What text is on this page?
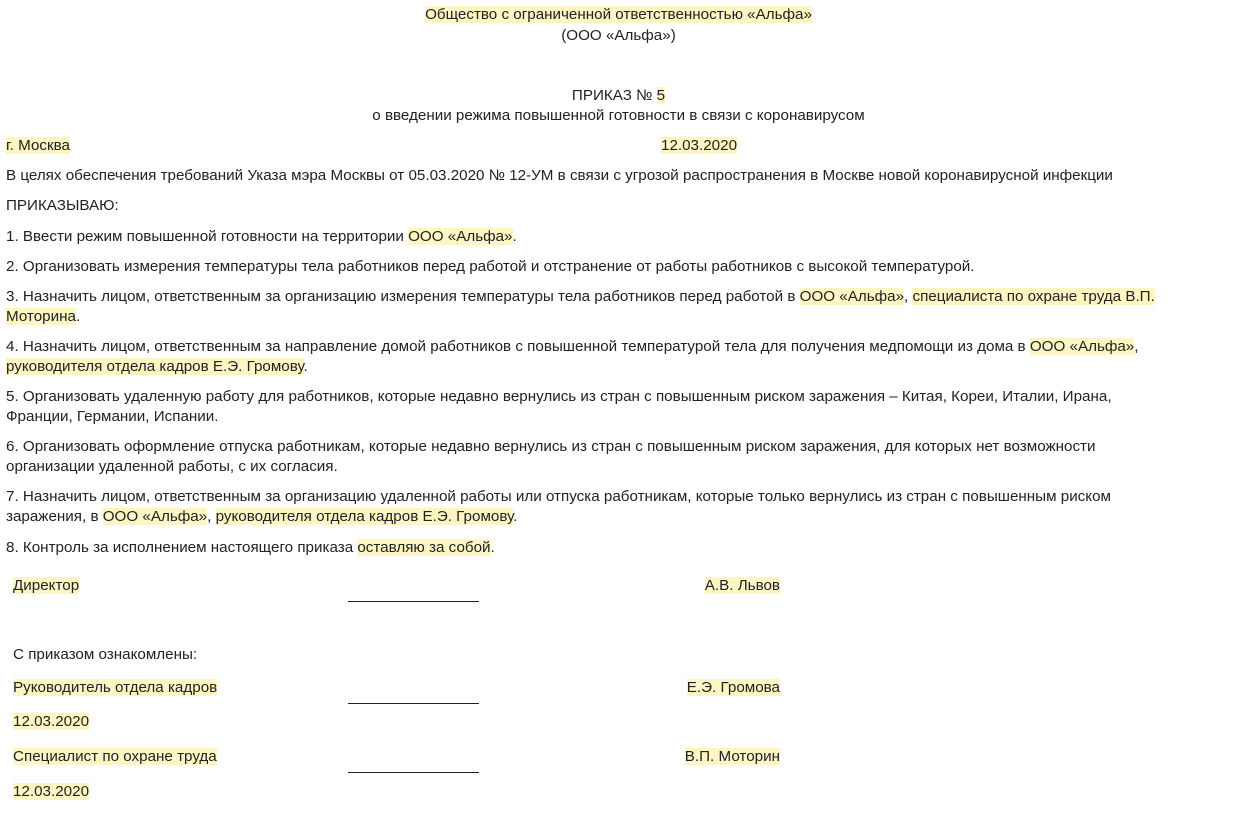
Общество с ограниченной ответственностью «Альфа»
(ООО «Альфа»)
ПРИКАЗ № 5
о введении режима повышенной готовности в связи с коронавирусом
г. Москва	12.03.2020
В целях обеспечения требований Указа мэра Москвы от 05.03.2020 № 12-УМ в связи с угрозой распространения в Москве новой коронавирусной инфекции
ПРИКАЗЫВАЮ:
1. Ввести режим повышенной готовности на территории ООО «Альфа».
2. Организовать измерения температуры тела работников перед работой и отстранение от работы работников с высокой температурой.
3. Назначить лицом, ответственным за организацию измерения температуры тела работников перед работой в ООО «Альфа», специалиста по охране труда В.П.
Моторина.
4. Назначить лицом, ответственным за направление домой работников с повышенной температурой тела для получения медпомощи из дома в ООО «Альфа»,
руководителя отдела кадров Е.Э. Громову.
5. Организовать удаленную работу для работников, которые недавно вернулись из стран с повышенным риском заражения – Китая, Кореи, Италии, Ирана,
Франции, Германии, Испании.
6. Организовать оформление отпуска работникам, которые недавно вернулись из стран с повышенным риском заражения, для которых нет возможности
организации удаленной работы, с их согласия.
7. Назначить лицом, ответственным за организацию удаленной работы или отпуска работникам, которые только вернулись из стран с повышенным риском
заражения, в ООО «Альфа», руководителя отдела кадров Е.Э. Громову.
8. Контроль за исполнением настоящего приказа оставляю за собой.
Директор	А.В. Львов
С приказом ознакомлены:
Руководитель отдела кадров	Е.Э. Громова
12.03.2020
Специалист по охране труда	В.П. Моторин
12.03.2020
